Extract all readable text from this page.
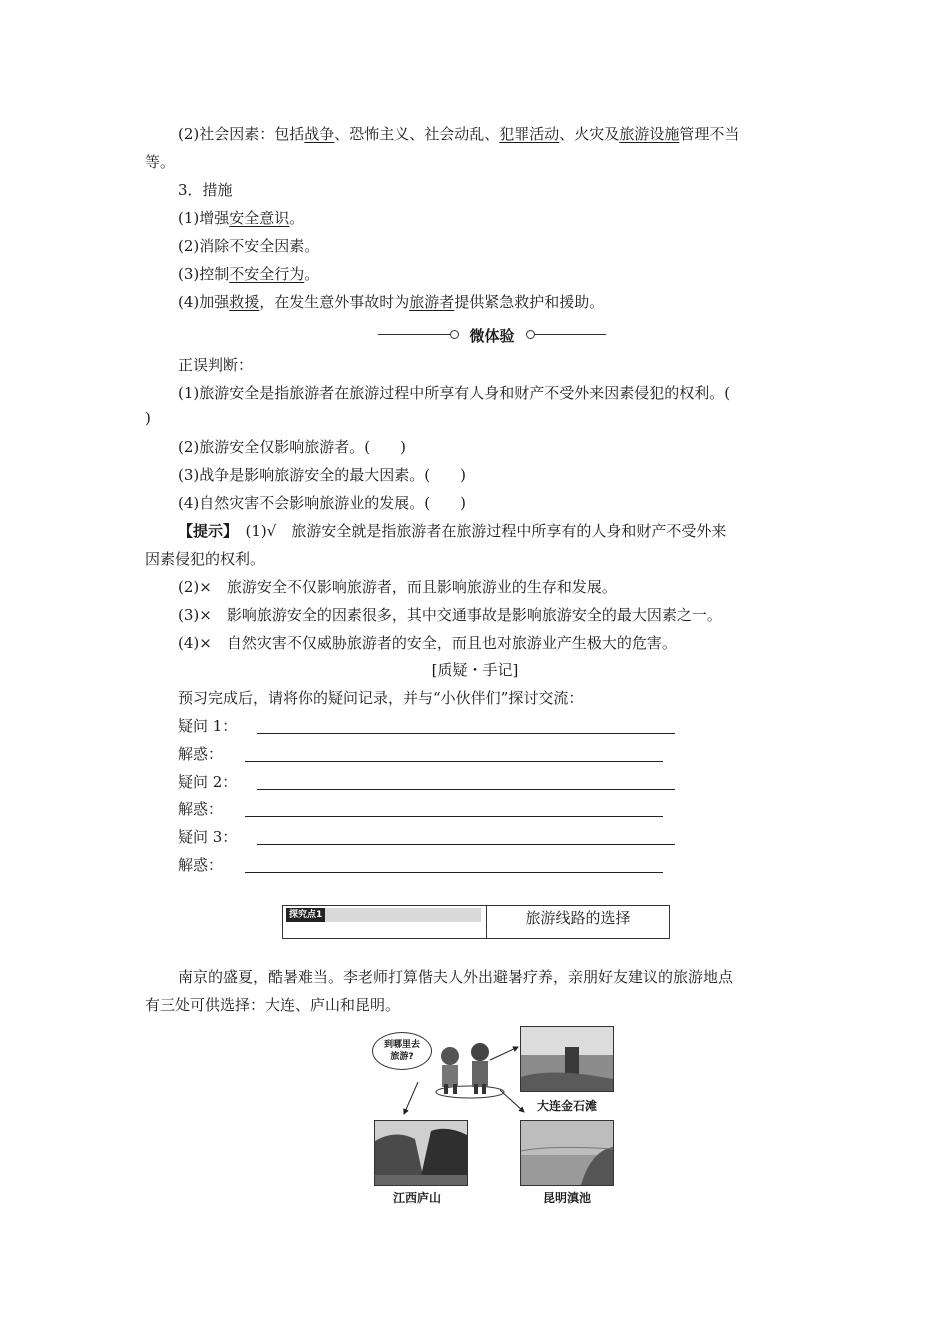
(2)社会因素：包括战争、恐怖主义、社会动乱、犯罪活动、火灾及旅游设施管理不当
等。
3．措施
(1)增强安全意识。
(2)消除不安全因素。
(3)控制不安全行为。
(4)加强救援，在发生意外事故时为旅游者提供紧急救护和援助。
微体验
正误判断：
(1)旅游安全是指旅游者在旅游过程中所享有人身和财产不受外来因素侵犯的权利。(
)
(2)旅游安全仅影响旅游者。(　　)
(3)战争是影响旅游安全的最大因素。(　　)
(4)自然灾害不会影响旅游业的发展。(　　)
【提示】　(1)√　旅游安全就是指旅游者在旅游过程中所享有的人身和财产不受外来
因素侵犯的权利。
(2)×　旅游安全不仅影响旅游者，而且影响旅游业的生存和发展。
(3)×　影响旅游安全的因素很多，其中交通事故是影响旅游安全的最大因素之一。
(4)×　自然灾害不仅威胁旅游者的安全，而且也对旅游业产生极大的危害。
[质疑・手记]
预习完成后，请将你的疑问记录，并与“小伙伴们”探讨交流：
疑问 1：
解惑：
疑问 2：
解惑：
疑问 3：
解惑：
探究点1	旅游线路的选择
南京的盛夏，酷暑难当。李老师打算偕夫人外出避暑疗养，亲朋好友建议的旅游地点
有三处可供选择：大连、庐山和昆明。
到哪里去
旅游?
大连金石滩
江西庐山	昆明滇池
